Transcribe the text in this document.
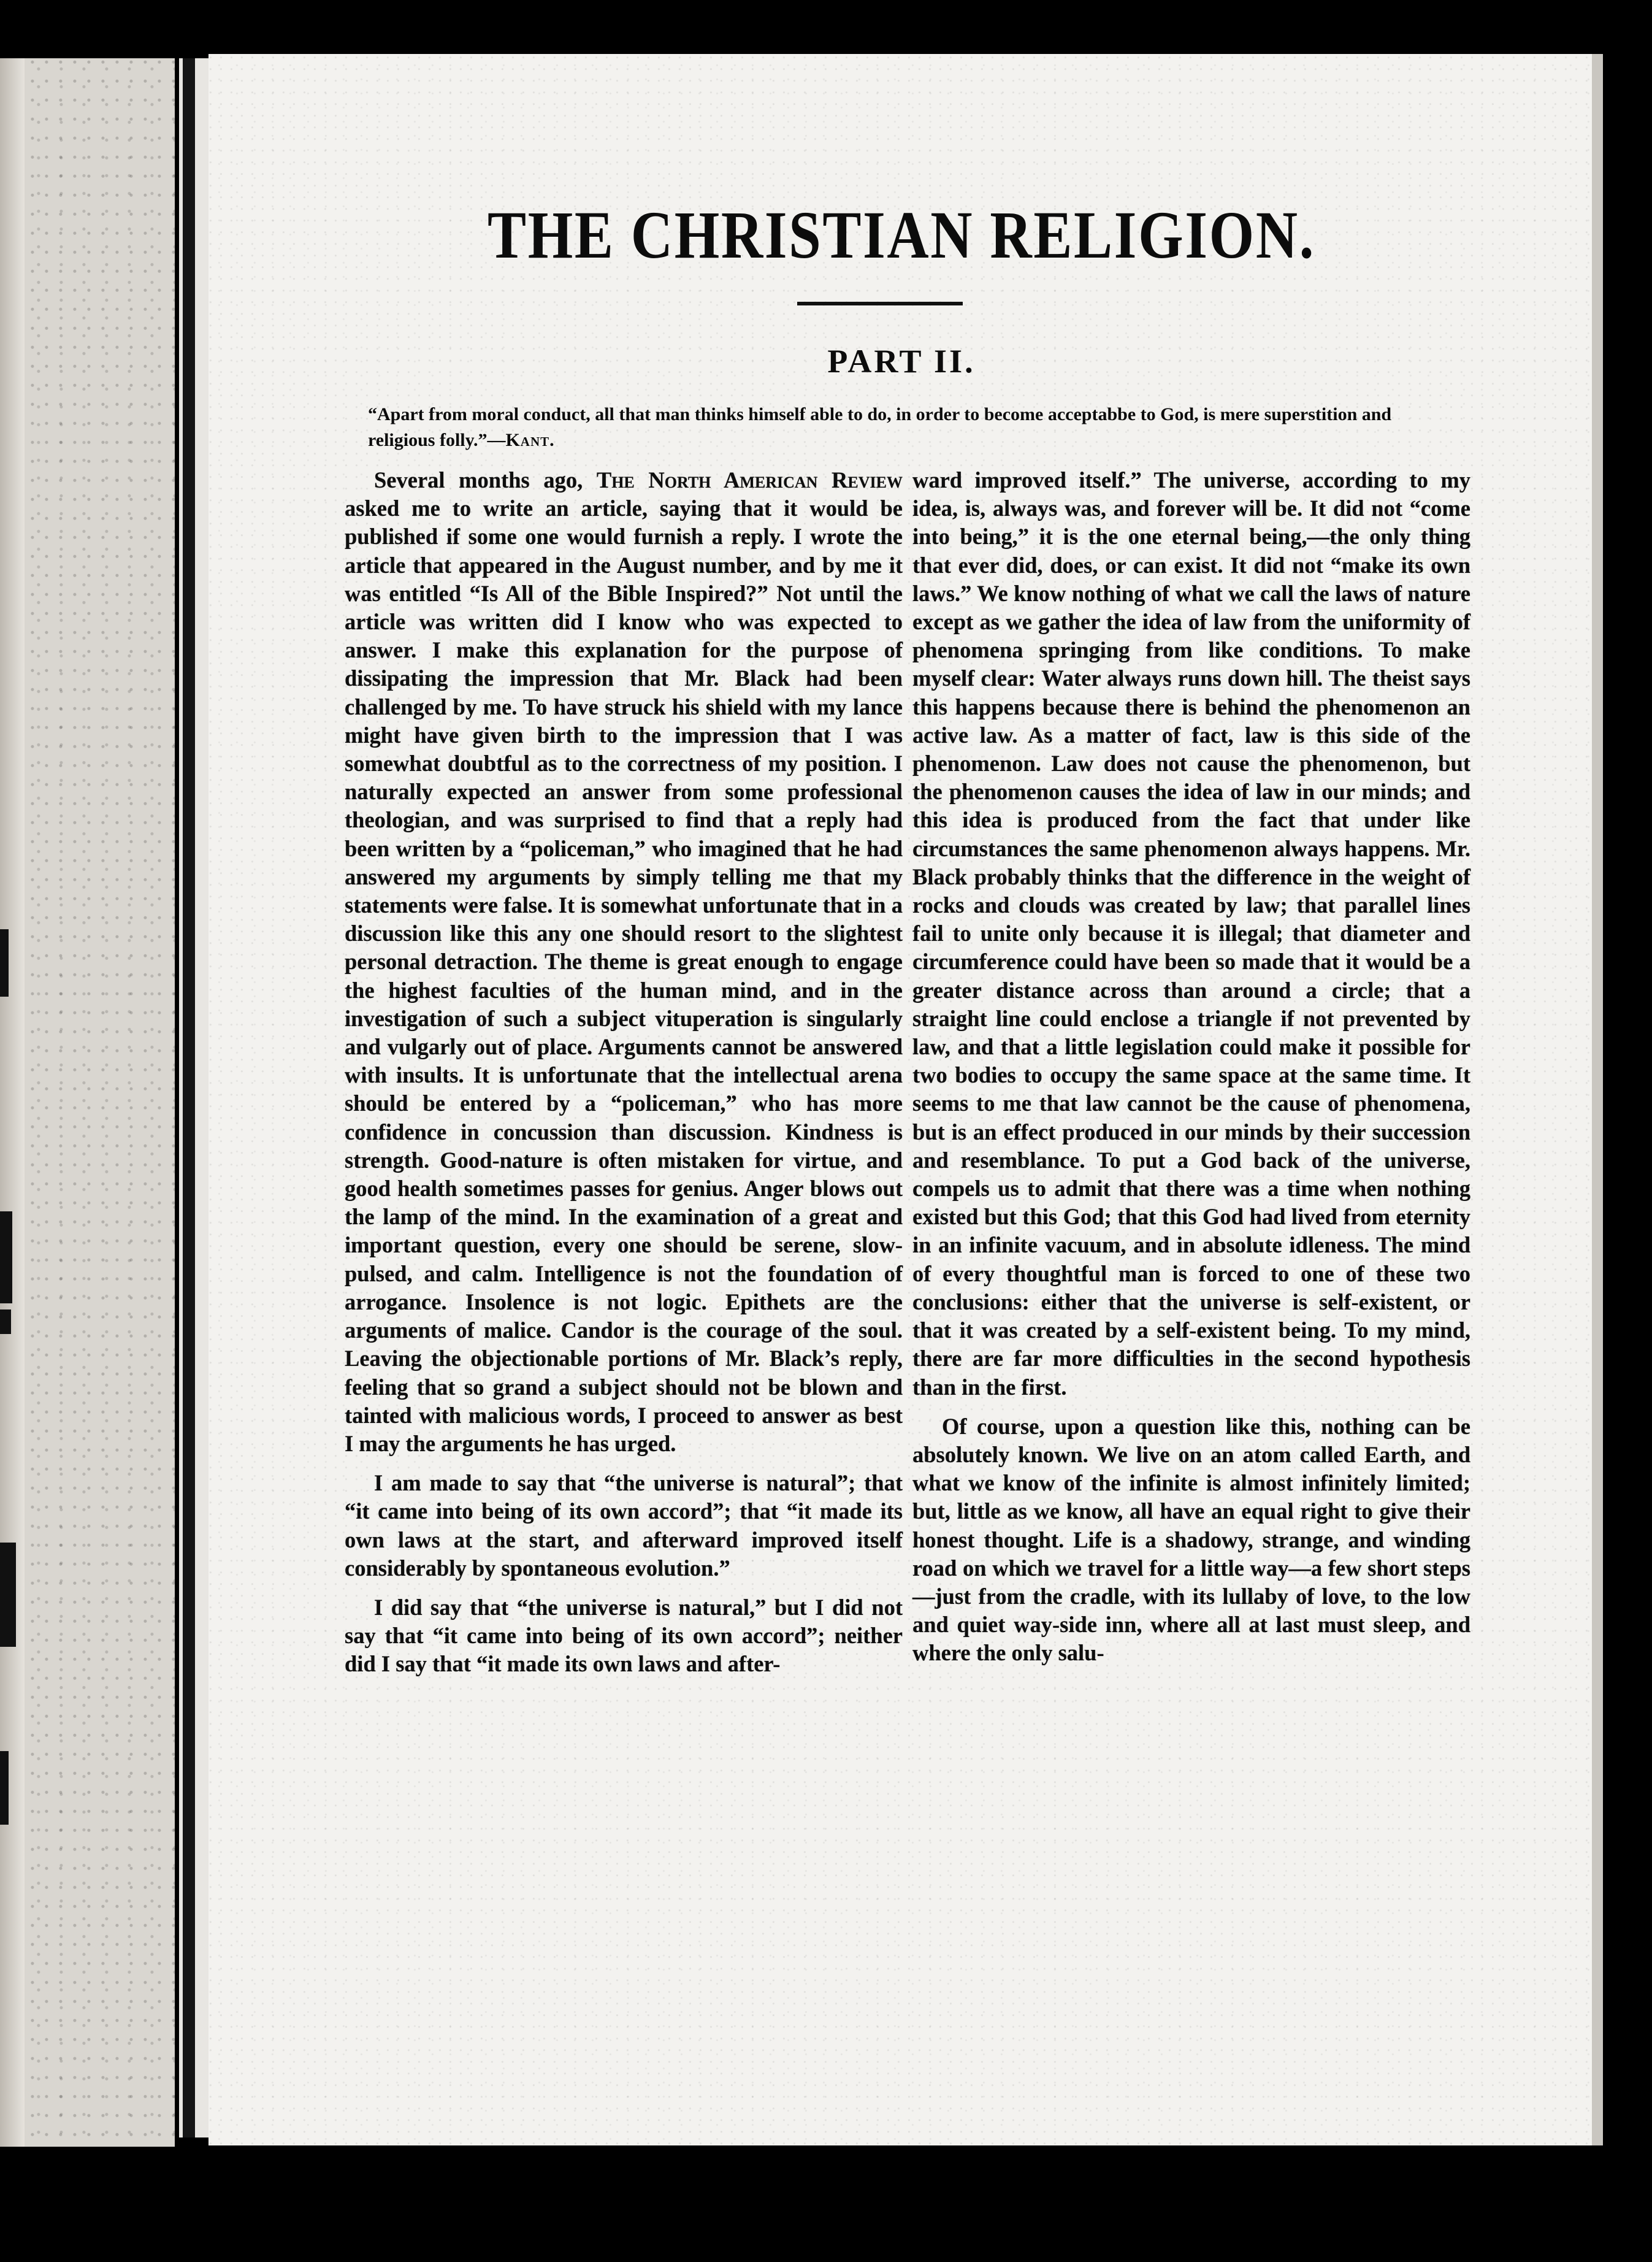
THE CHRISTIAN RELIGION.
PART II.
“Apart from moral conduct, all that man thinks himself able to do, in order to become acceptabbe to God, is mere superstition and religious folly.”—Kant.

Several months ago, The North American Review asked me to write an article, saying that it would be published if some one would furnish a reply. I wrote the article that appeared in the August number, and by me it was entitled “Is All of the Bible Inspired?” Not until the article was written did I know who was expected to answer. I make this explanation for the purpose of dissipating the impression that Mr. Black had been challenged by me. To have struck his shield with my lance might have given birth to the impression that I was somewhat doubtful as to the correctness of my position. I naturally expected an answer from some professional theologian, and was surprised to find that a reply had been written by a “policeman,” who imagined that he had answered my arguments by simply telling me that my statements were false. It is somewhat unfortunate that in a discussion like this any one should resort to the slightest personal detraction. The theme is great enough to engage the highest faculties of the human mind, and in the investigation of such a subject vituperation is singularly and vulgarly out of place. Arguments cannot be answered with insults. It is unfortunate that the intellectual arena should be entered by a “policeman,” who has more confidence in concussion than discussion. Kindness is strength. Good-nature is often mistaken for virtue, and good health sometimes passes for genius. Anger blows out the lamp of the mind. In the examination of a great and important question, every one should be serene, slow-pulsed, and calm. Intelligence is not the foundation of arrogance. Insolence is not logic. Epithets are the arguments of malice. Candor is the courage of the soul. Leaving the objectionable portions of Mr. Black’s reply, feeling that so grand a subject should not be blown and tainted with malicious words, I proceed to answer as best I may the arguments he has urged.

I am made to say that “the universe is natural”; that “it came into being of its own accord”; that “it made its own laws at the start, and afterward improved itself considerably by spontaneous evolution.”

I did say that “the universe is natural,” but I did not say that “it came into being of its own accord”; neither did I say that “it made its own laws and after-

ward improved itself.” The universe, according to my idea, is, always was, and forever will be. It did not “come into being,” it is the one eternal being,—the only thing that ever did, does, or can exist. It did not “make its own laws.” We know nothing of what we call the laws of nature except as we gather the idea of law from the uniformity of phenomena springing from like conditions. To make myself clear: Water always runs down hill. The theist says this happens because there is behind the phenomenon an active law. As a matter of fact, law is this side of the phenomenon. Law does not cause the phenomenon, but the phenomenon causes the idea of law in our minds; and this idea is produced from the fact that under like circumstances the same phenomenon always happens. Mr. Black probably thinks that the difference in the weight of rocks and clouds was created by law; that parallel lines fail to unite only because it is illegal; that diameter and circumference could have been so made that it would be a greater distance across than around a circle; that a straight line could enclose a triangle if not prevented by law, and that a little legislation could make it possible for two bodies to occupy the same space at the same time. It seems to me that law cannot be the cause of phenomena, but is an effect produced in our minds by their succession and resemblance. To put a God back of the universe, compels us to admit that there was a time when nothing existed but this God; that this God had lived from eternity in an infinite vacuum, and in absolute idleness. The mind of every thoughtful man is forced to one of these two conclusions: either that the universe is self-existent, or that it was created by a self-existent being. To my mind, there are far more difficulties in the second hypothesis than in the first.

Of course, upon a question like this, nothing can be absolutely known. We live on an atom called Earth, and what we know of the infinite is almost infinitely limited; but, little as we know, all have an equal right to give their honest thought. Life is a shadowy, strange, and winding road on which we travel for a little way—a few short steps—just from the cradle, with its lullaby of love, to the low and quiet way-side inn, where all at last must sleep, and where the only salu-
